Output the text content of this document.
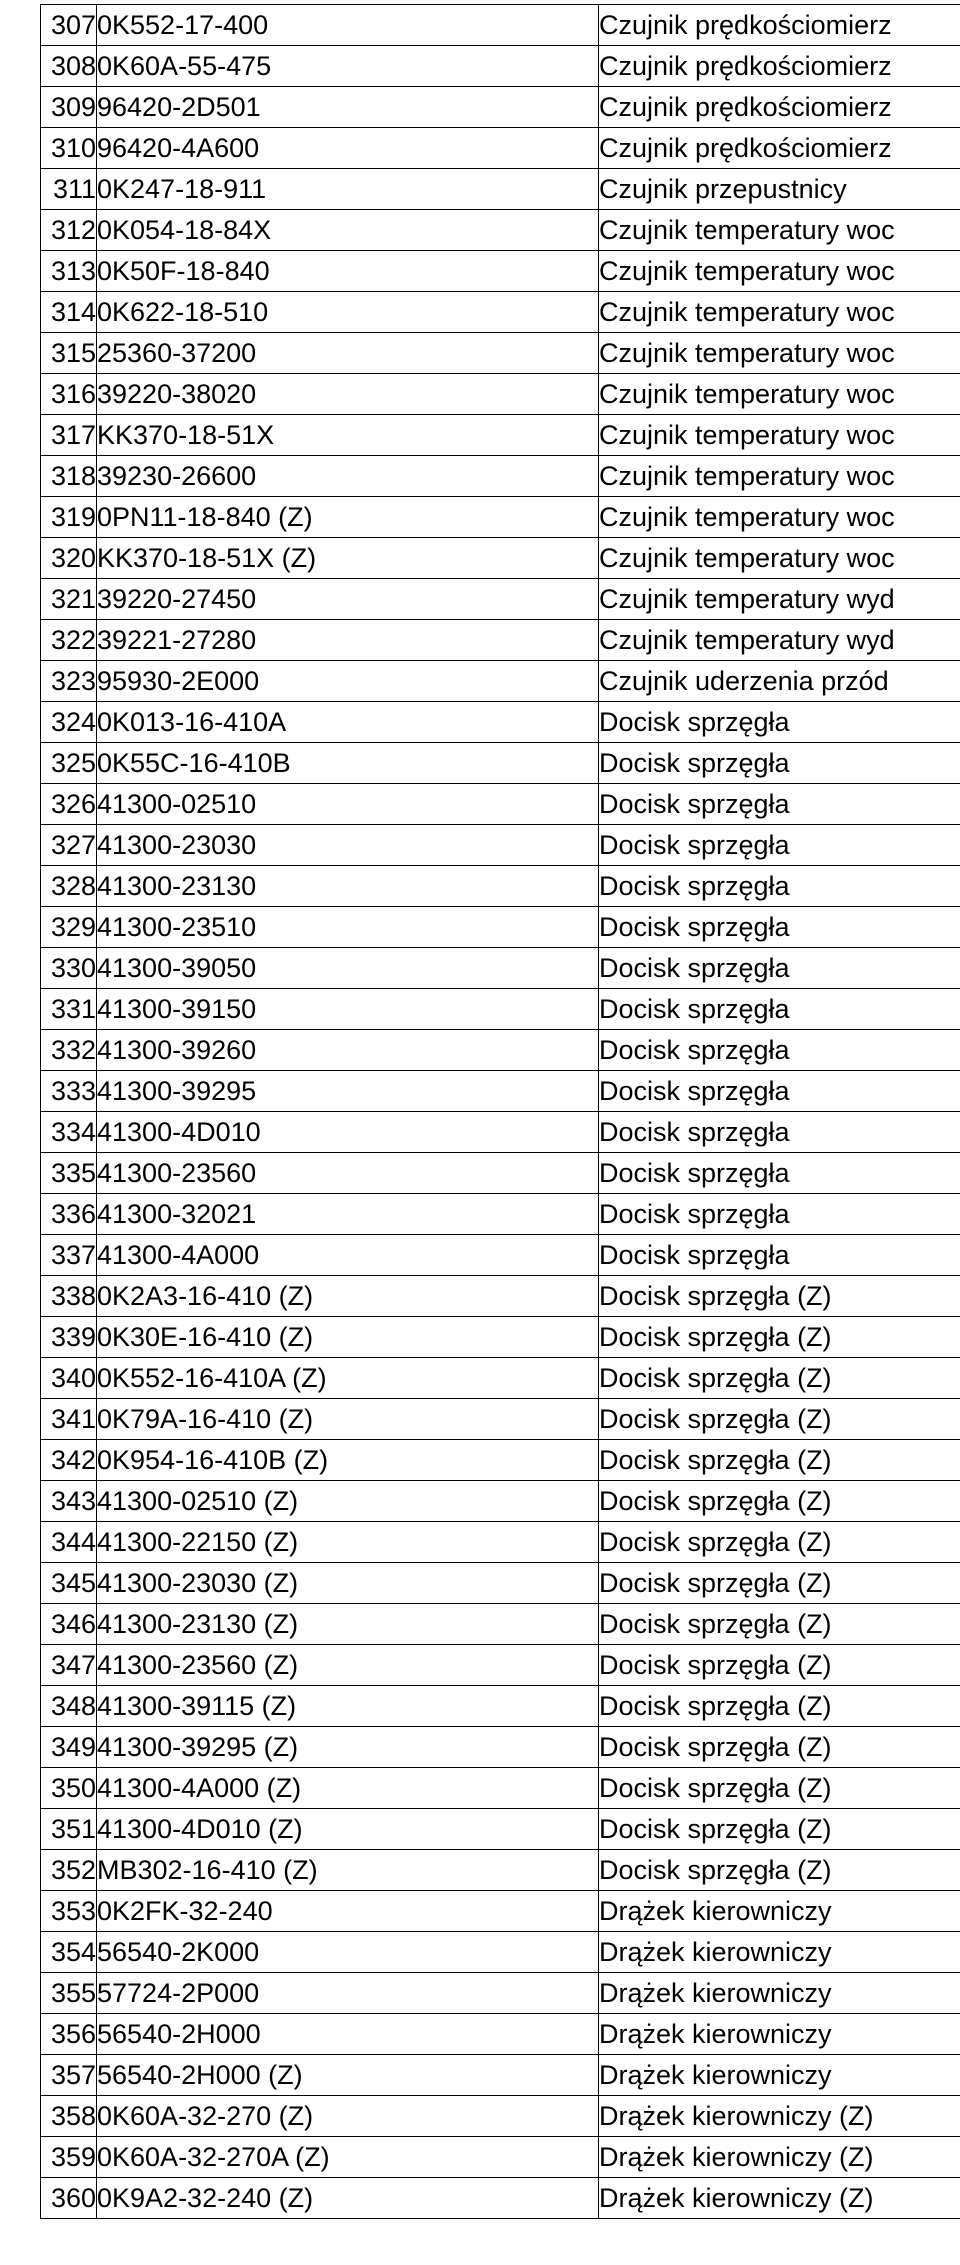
307	0K552-17-400	Czujnik prędkościomierz
308	0K60A-55-475	Czujnik prędkościomierz
309	96420-2D501	Czujnik prędkościomierz
310	96420-4A600	Czujnik prędkościomierz
311	0K247-18-911	Czujnik przepustnicy
312	0K054-18-84X	Czujnik temperatury woc
313	0K50F-18-840	Czujnik temperatury woc
314	0K622-18-510	Czujnik temperatury woc
315	25360-37200	Czujnik temperatury woc
316	39220-38020	Czujnik temperatury woc
317	KK370-18-51X	Czujnik temperatury woc
318	39230-26600	Czujnik temperatury woc
319	0PN11-18-840 (Z)	Czujnik temperatury woc
320	KK370-18-51X (Z)	Czujnik temperatury woc
321	39220-27450	Czujnik temperatury wyd
322	39221-27280	Czujnik temperatury wyd
323	95930-2E000	Czujnik uderzenia przód
324	0K013-16-410A	Docisk sprzęgła
325	0K55C-16-410B	Docisk sprzęgła
326	41300-02510	Docisk sprzęgła
327	41300-23030	Docisk sprzęgła
328	41300-23130	Docisk sprzęgła
329	41300-23510	Docisk sprzęgła
330	41300-39050	Docisk sprzęgła
331	41300-39150	Docisk sprzęgła
332	41300-39260	Docisk sprzęgła
333	41300-39295	Docisk sprzęgła
334	41300-4D010	Docisk sprzęgła
335	41300-23560	Docisk sprzęgła
336	41300-32021	Docisk sprzęgła
337	41300-4A000	Docisk sprzęgła
338	0K2A3-16-410 (Z)	Docisk sprzęgła (Z)
339	0K30E-16-410 (Z)	Docisk sprzęgła (Z)
340	0K552-16-410A (Z)	Docisk sprzęgła (Z)
341	0K79A-16-410 (Z)	Docisk sprzęgła (Z)
342	0K954-16-410B (Z)	Docisk sprzęgła (Z)
343	41300-02510 (Z)	Docisk sprzęgła (Z)
344	41300-22150 (Z)	Docisk sprzęgła (Z)
345	41300-23030 (Z)	Docisk sprzęgła (Z)
346	41300-23130 (Z)	Docisk sprzęgła (Z)
347	41300-23560 (Z)	Docisk sprzęgła (Z)
348	41300-39115 (Z)	Docisk sprzęgła (Z)
349	41300-39295 (Z)	Docisk sprzęgła (Z)
350	41300-4A000 (Z)	Docisk sprzęgła (Z)
351	41300-4D010 (Z)	Docisk sprzęgła (Z)
352	MB302-16-410 (Z)	Docisk sprzęgła (Z)
353	0K2FK-32-240	Drążek kierowniczy
354	56540-2K000	Drążek kierowniczy
355	57724-2P000	Drążek kierowniczy
356	56540-2H000	Drążek kierowniczy
357	56540-2H000 (Z)	Drążek kierowniczy
358	0K60A-32-270 (Z)	Drążek kierowniczy (Z)
359	0K60A-32-270A (Z)	Drążek kierowniczy (Z)
360	0K9A2-32-240 (Z)	Drążek kierowniczy (Z)
